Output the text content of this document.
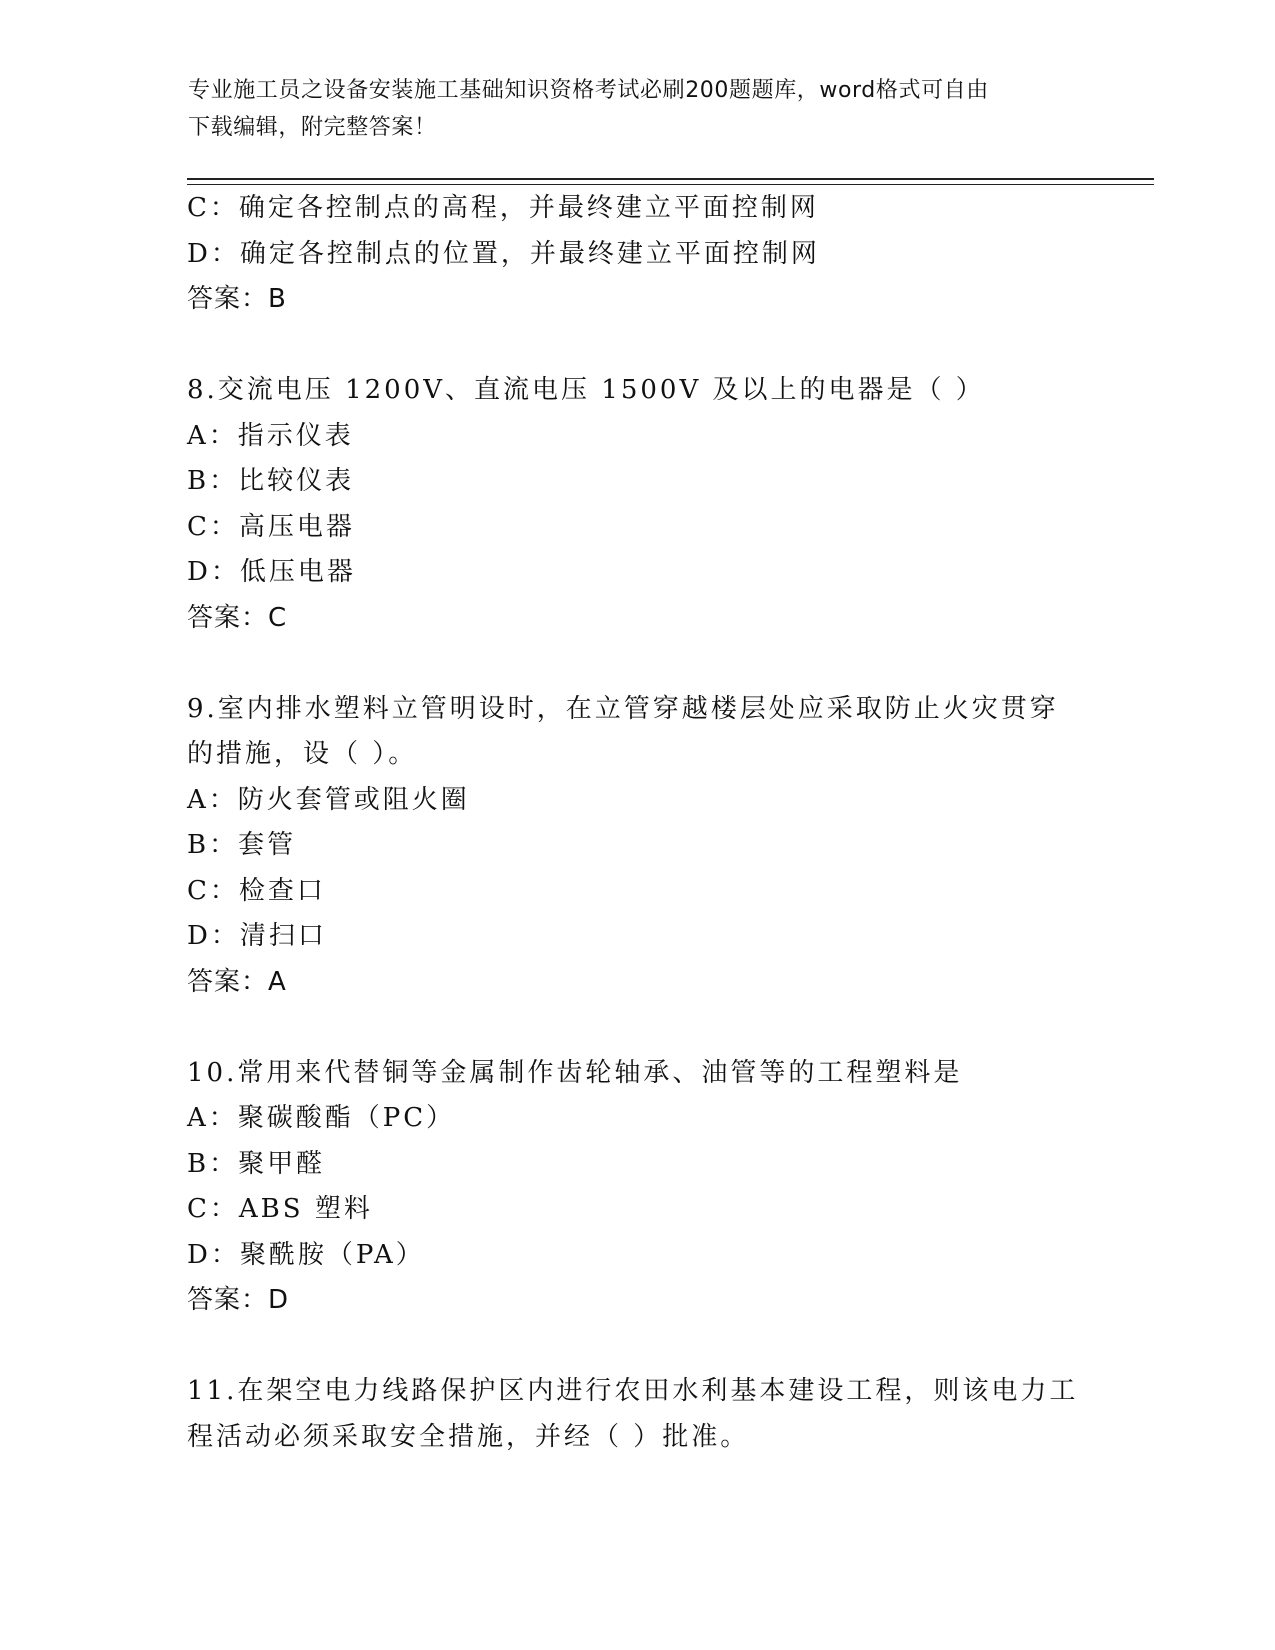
专业施工员之设备安装施工基础知识资格考试必刷200题题库，word格式可自由
下载编辑，附完整答案！
C：确定各控制点的高程，并最终建立平面控制网
D：确定各控制点的位置，并最终建立平面控制网
答案：B
8.交流电压 1200V、直流电压 1500V 及以上的电器是（ ）
A：指示仪表
B：比较仪表
C：高压电器
D：低压电器
答案：C
9.室内排水塑料立管明设时，在立管穿越楼层处应采取防止火灾贯穿
的措施，设（ ）。
A：防火套管或阻火圈
B：套管
C：检查口
D：清扫口
答案：A
10.常用来代替铜等金属制作齿轮轴承、油管等的工程塑料是
A：聚碳酸酯（PC）
B：聚甲醛
C：ABS 塑料
D：聚酰胺（PA）
答案：D
11.在架空电力线路保护区内进行农田水利基本建设工程，则该电力工
程活动必须采取安全措施，并经（ ）批准。
